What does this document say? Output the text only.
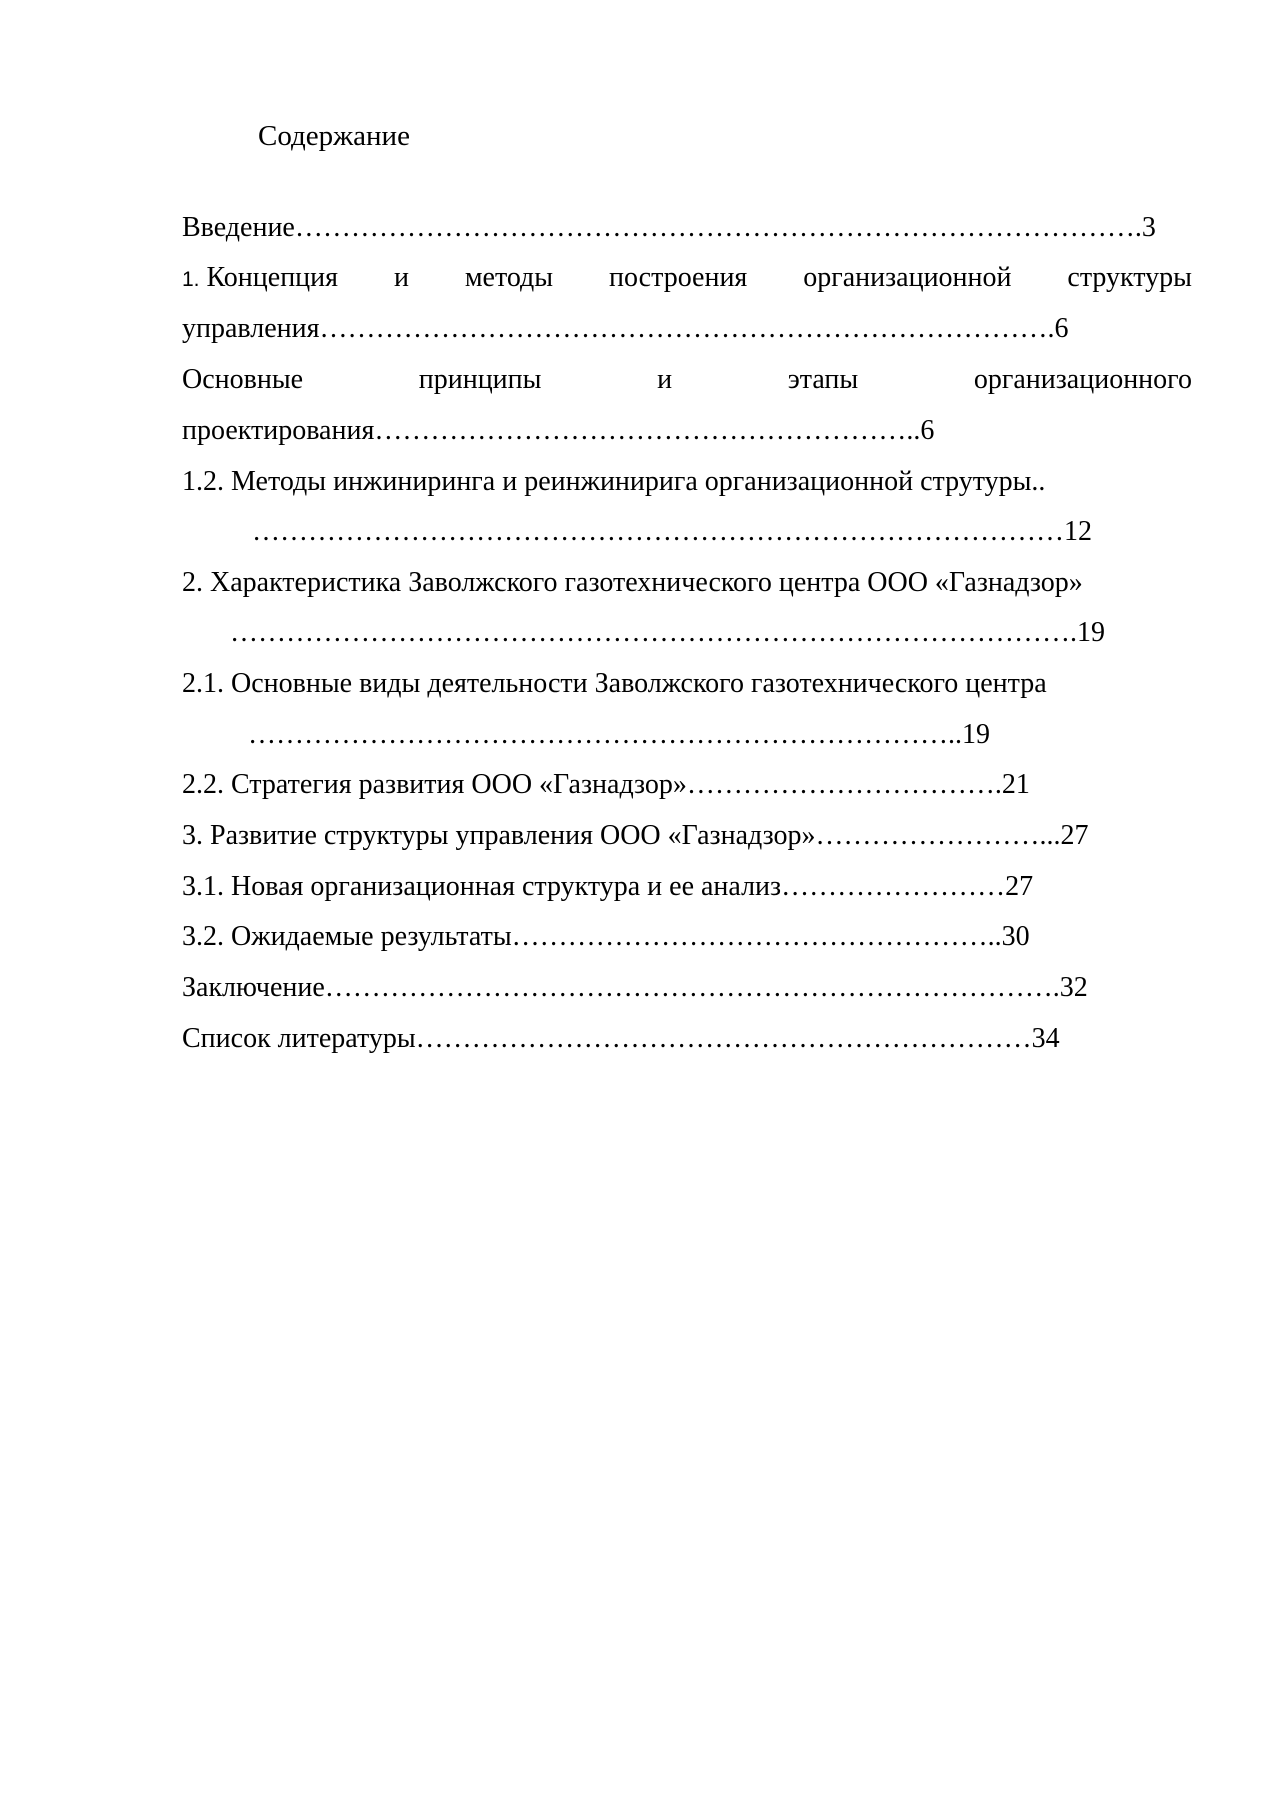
Содержание
Введение……………………………………………………………………………….3
1. Концепция и методы построения организационной структуры
управления…………………………………………………………………….6
Основные	принципы	и	этапы	организационного
проектирования…………………………………………………..6
1.2. Методы инжиниринга и реинжинирига организационной струтуры..
……………………………………………………………………………12
2. Характеристика Заволжского газотехнического центра ООО «Газнадзор»
……………………………………………………………………………….19
2.1. Основные виды деятельности Заволжского газотехнического центра
…………………………………………………………………..19
2.2. Стратегия развития ООО «Газнадзор»…………………………….21
3. Развитие структуры управления ООО «Газнадзор»……………………...27
3.1. Новая организационная структура и ее анализ……………………27
3.2. Ожидаемые результаты……………………………………………..30
Заключение…………………………………………………………………….32
Список литературы…………………………………………………………34
